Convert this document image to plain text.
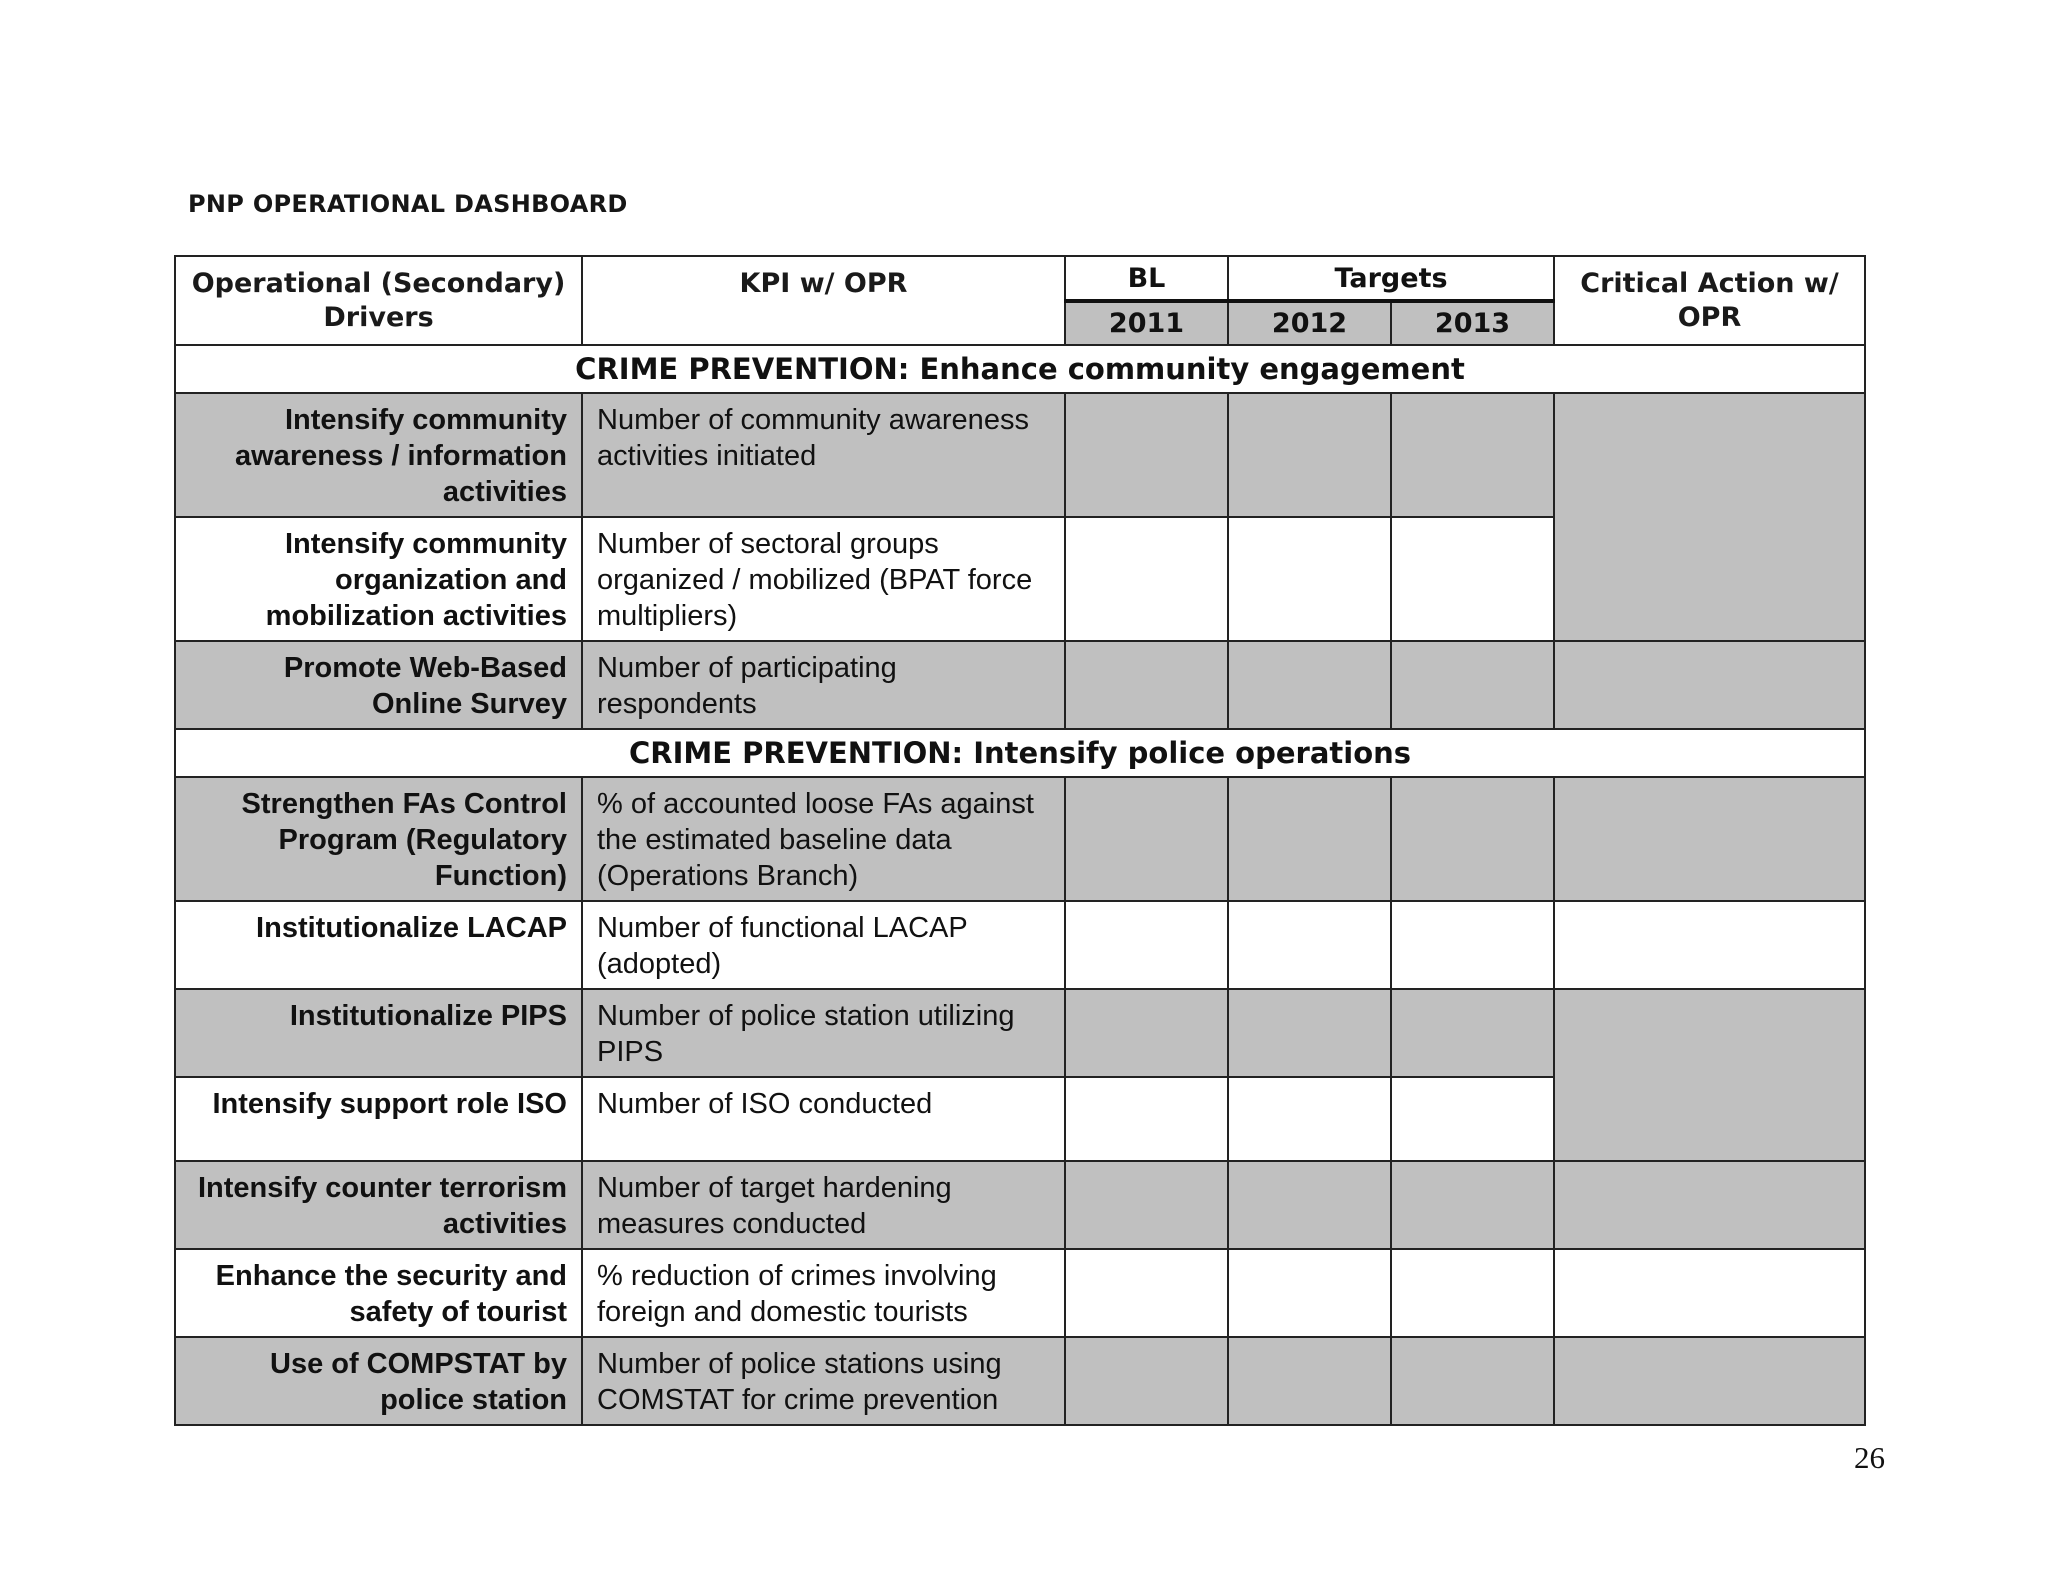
PNP OPERATIONAL DASHBOARD
Operational (Secondary) Drivers	KPI w/ OPR	BL	Targets		Critical Action w/ OPR
		2011	2012	2013	
CRIME PREVENTION: Enhance community engagement					
Intensify community awareness / information activities	Number of community awareness activities initiated				
Intensify community organization and mobilization activities	Number of sectoral groups organized / mobilized (BPAT force multipliers)				
Promote Web-Based Online Survey	Number of participating respondents				
CRIME PREVENTION: Intensify police operations					
Strengthen FAs Control Program (Regulatory Function)	% of accounted loose FAs against the estimated baseline data (Operations Branch)				
Institutionalize LACAP	Number of functional LACAP (adopted)				
Institutionalize PIPS	Number of police station utilizing PIPS				
Intensify support role ISO	Number of ISO conducted				
Intensify counter terrorism activities	Number of target hardening measures conducted				
Enhance the security and safety of tourist	% reduction of crimes involving foreign and domestic tourists				
Use of COMPSTAT by police station	Number of police stations using COMSTAT for crime prevention				
26
